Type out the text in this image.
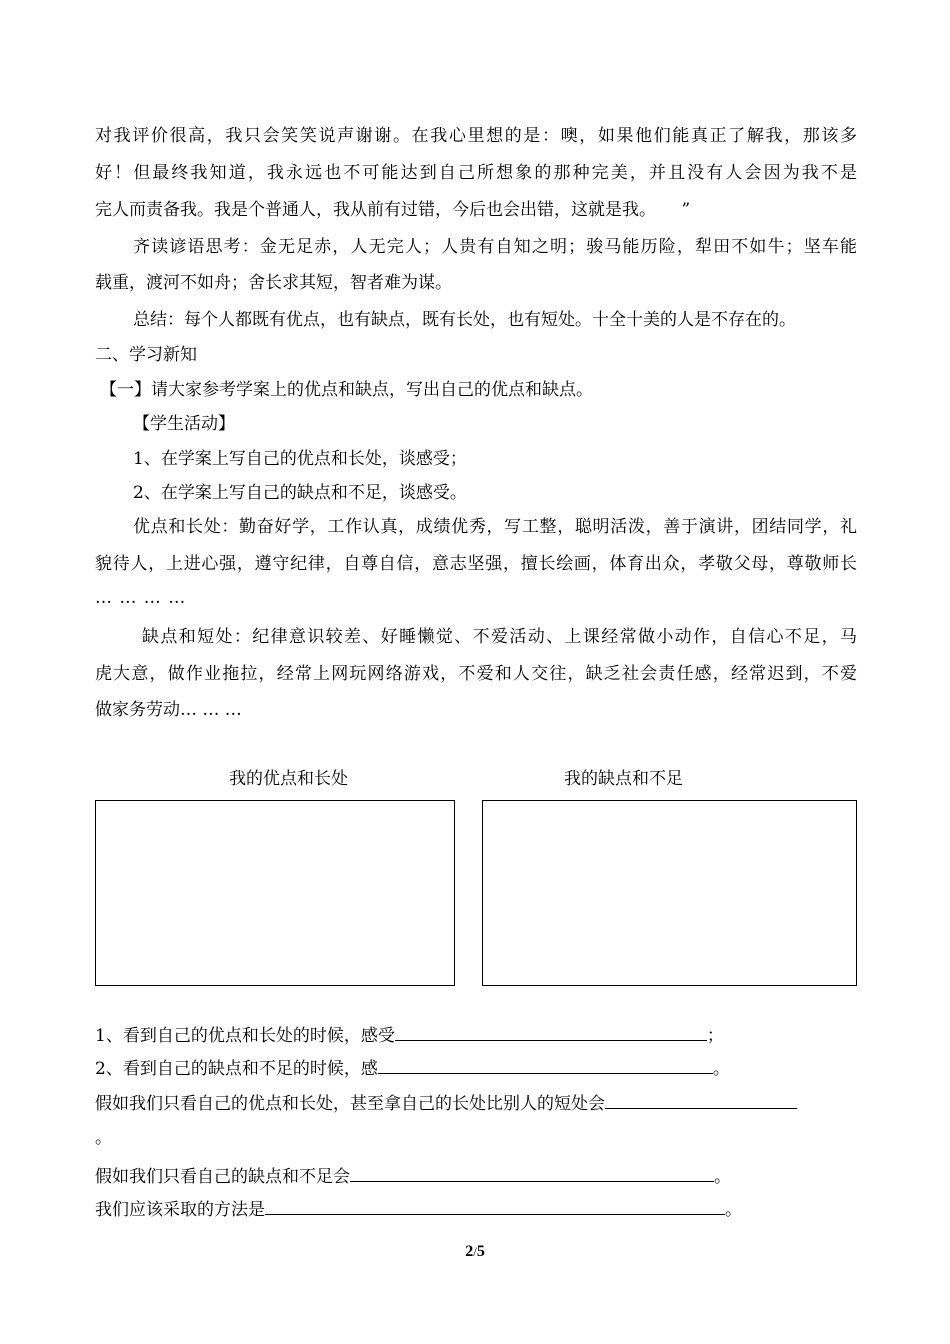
对我评价很高，我只会笑笑说声谢谢。在我心里想的是：噢，如果他们能真正了解我，那该多
好！但最终我知道，我永远也不可能达到自己所想象的那种完美，并且没有人会因为我不是
完人而责备我。我是个普通人，我从前有过错，今后也会出错，这就是我。　　”
齐读谚语思考：金无足赤，人无完人；人贵有自知之明；骏马能历险，犁田不如牛；坚车能
载重，渡河不如舟；舍长求其短，智者难为谋。
总结：每个人都既有优点，也有缺点，既有长处，也有短处。十全十美的人是不存在的。
二、学习新知
【一】请大家参考学案上的优点和缺点，写出自己的优点和缺点。
【学生活动】
1、在学案上写自己的优点和长处，谈感受；
2、在学案上写自己的缺点和不足，谈感受。
优点和长处：勤奋好学，工作认真，成绩优秀，写工整，聪明活泼，善于演讲，团结同学，礼
貌待人，上进心强，遵守纪律，自尊自信，意志坚强，擅长绘画，体育出众，孝敬父母，尊敬师长
… … … …
缺点和短处：纪律意识较差、好睡懒觉、不爱活动、上课经常做小动作，自信心不足，马
虎大意，做作业拖拉，经常上网玩网络游戏，不爱和人交往，缺乏社会责任感，经常迟到，不爱
做家务劳动… … …
我的优点和长处	我的缺点和不足
1、看到自己的优点和长处的时候，感受	；
2、看到自己的缺点和不足的时候，感	。
假如我们只看自己的优点和长处，甚至拿自己的长处比别人的短处会
。
假如我们只看自己的缺点和不足会	。
我们应该采取的方法是	。
2/5
